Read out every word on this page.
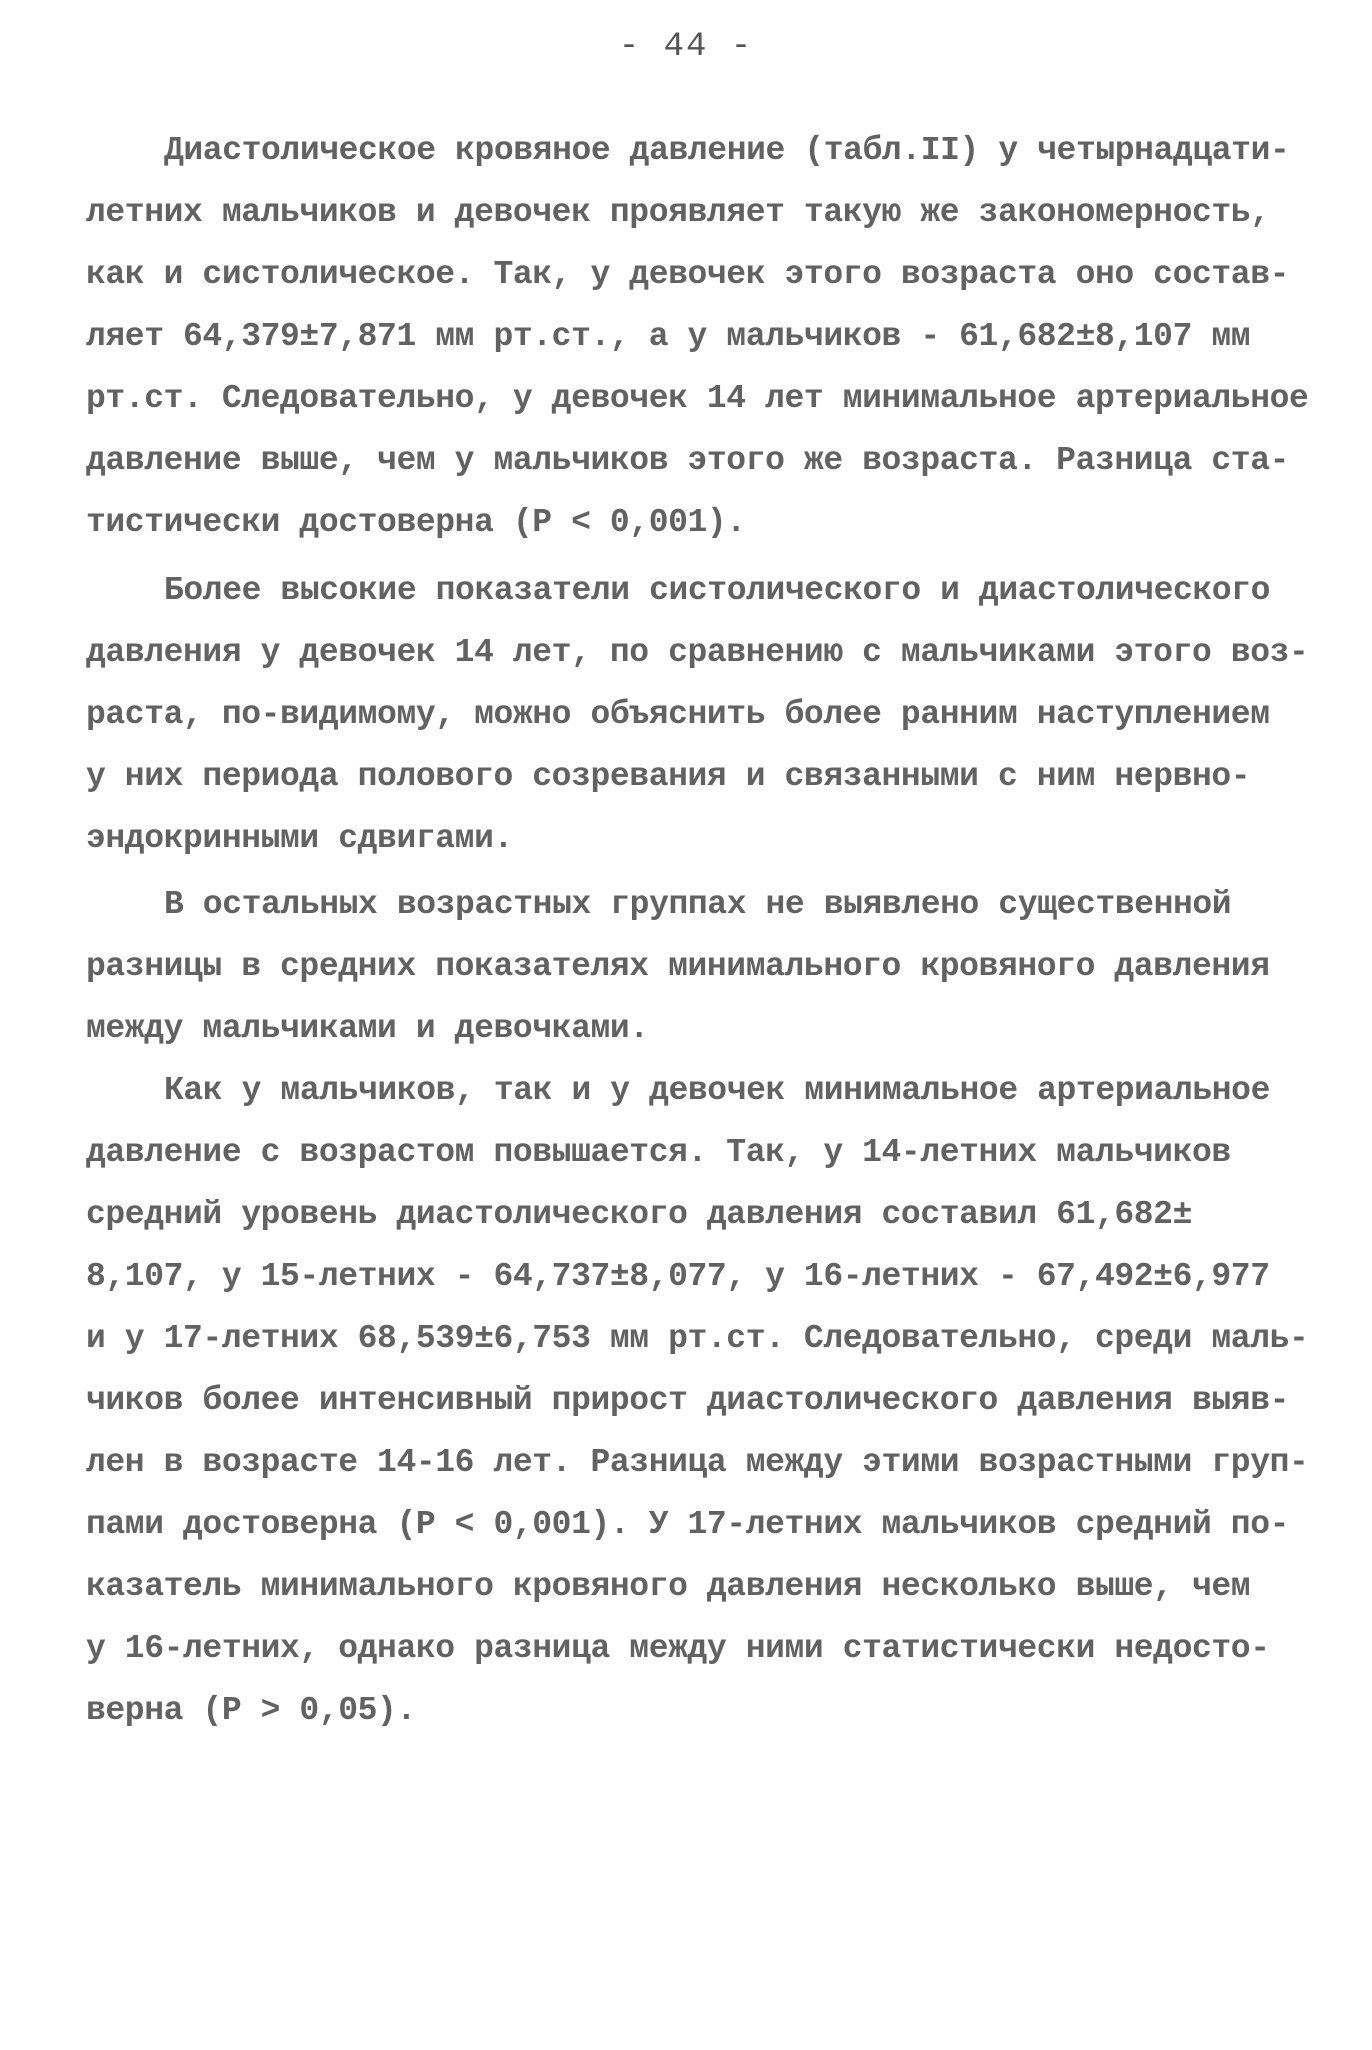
- 44 -
Диастолическое кровяное давление (табл.II) у четырнадцати-
летних мальчиков и девочек проявляет такую же закономерность,
как и систолическое. Так, у девочек этого возраста оно состав-
ляет 64,379±7,871 мм рт.ст., а у мальчиков - 61,682±8,107 мм
рт.ст. Следовательно, у девочек 14 лет минимальное артериальное
давление выше, чем у мальчиков этого же возраста. Разница ста-
тистически достоверна (P < 0,001).
Более высокие показатели систолического и диастолического
давления у девочек 14 лет, по сравнению с мальчиками этого воз-
раста, по-видимому, можно объяснить более ранним наступлением
у них периода полового созревания и связанными с ним нервно-
эндокринными сдвигами.
В остальных возрастных группах не выявлено существенной
разницы в средних показателях минимального кровяного давления
между мальчиками и девочками.
Как у мальчиков, так и у девочек минимальное артериальное
давление с возрастом повышается. Так, у 14-летних мальчиков
средний уровень диастолического давления составил 61,682±
8,107, у 15-летних - 64,737±8,077, у 16-летних - 67,492±6,977
и у 17-летних 68,539±6,753 мм рт.ст. Следовательно, среди маль-
чиков более интенсивный прирост диастолического давления выяв-
лен в возрасте 14-16 лет. Разница между этими возрастными груп-
пами достоверна (P < 0,001). У 17-летних мальчиков средний по-
казатель минимального кровяного давления несколько выше, чем
у 16-летних, однако разница между ними статистически недосто-
верна (P > 0,05).
